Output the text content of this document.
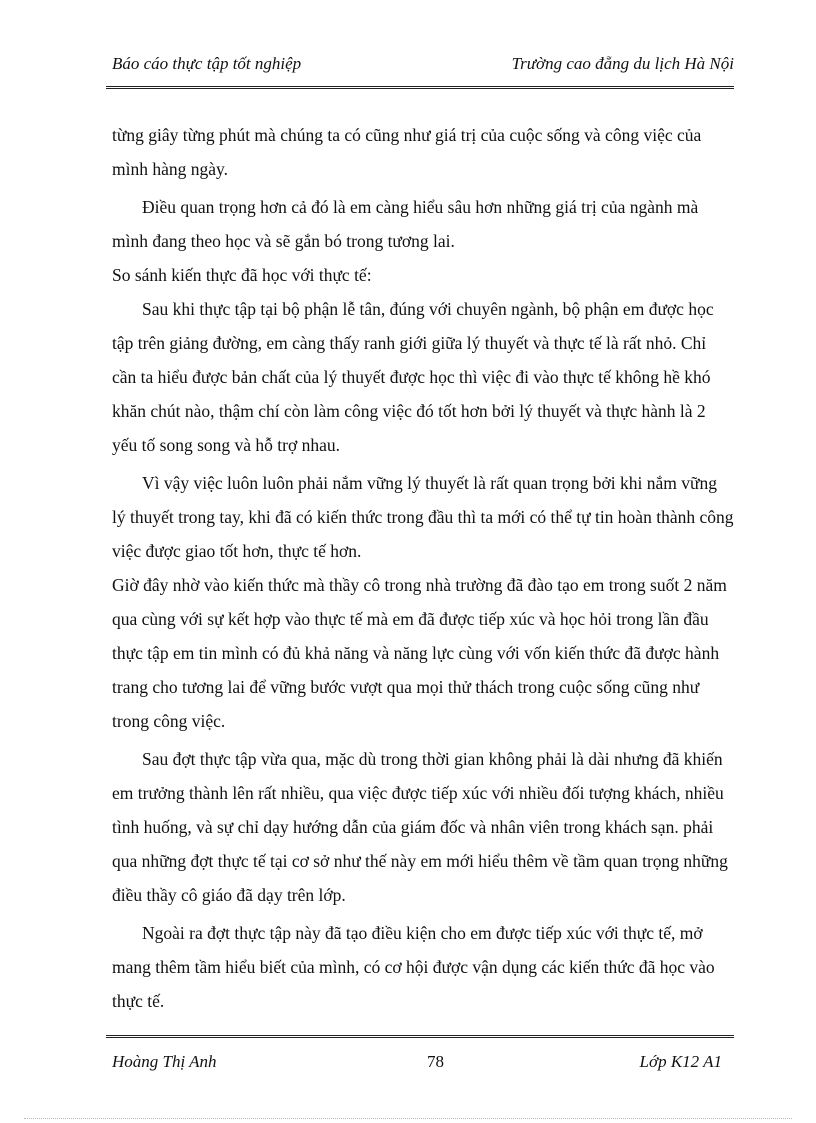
Báo cáo thực tập tốt nghiệp	Trường cao đẵng du lịch Hà Nội

từng giây từng phút mà chúng ta có cũng như giá trị của cuộc sống và công việc của mình hàng ngày.

Điều quan trọng hơn cả đó là em càng hiểu sâu hơn những giá trị của ngành mà mình đang theo học và sẽ gắn bó trong tương lai.

So sánh kiến thực đã học với thực tế:

Sau khi thực tập tại bộ phận lễ tân, đúng với chuyên ngành, bộ phận em được học tập trên giảng đường, em càng thấy ranh giới giữa lý thuyết và thực tế là rất nhỏ. Chỉ cần ta hiểu được bản chất của lý thuyết được học thì việc đi vào thực tế không hề khó khăn chút nào, thậm chí còn làm công việc đó tốt hơn bởi lý thuyết và thực hành là 2 yếu tố song song và hỗ trợ nhau.

Vì vậy việc luôn luôn phải nắm vững lý thuyết là rất quan trọng bởi khi nắm vững lý thuyết trong tay, khi đã có kiến thức trong đầu thì ta mới có thể tự tin hoàn thành công việc được giao tốt hơn, thực tế hơn.

Giờ đây nhờ vào kiến thức mà thầy cô trong nhà trường đã đào tạo em trong suốt 2 năm qua cùng với sự kết hợp vào thực tế mà em đã được tiếp xúc và học hỏi trong lần đầu thực tập em tin mình có đủ khả năng và năng lực cùng với vốn kiến thức đã được hành trang cho tương lai để vững bước vượt qua mọi thử thách trong cuộc sống cũng như trong công việc.

Sau đợt thực tập vừa qua, mặc dù trong thời gian không phải là dài nhưng đã khiến em trưởng thành lên rất nhiều, qua việc được tiếp xúc với nhiều đối tượng khách, nhiều tình huống, và sự chỉ dạy hướng dẫn của giám đốc và nhân viên trong khách sạn. phải qua những đợt thực tế tại cơ sở như thế này em mới hiểu thêm về tầm quan trọng những điều thầy cô giáo đã dạy trên lớp.

Ngoài ra đợt thực tập này đã tạo điều kiện cho em được tiếp xúc với thực tế, mở mang thêm tầm hiểu biết của mình, có cơ hội được vận dụng các kiến thức đã học vào thực tế.

Hoàng Thị Anh	78	Lớp K12 A1
